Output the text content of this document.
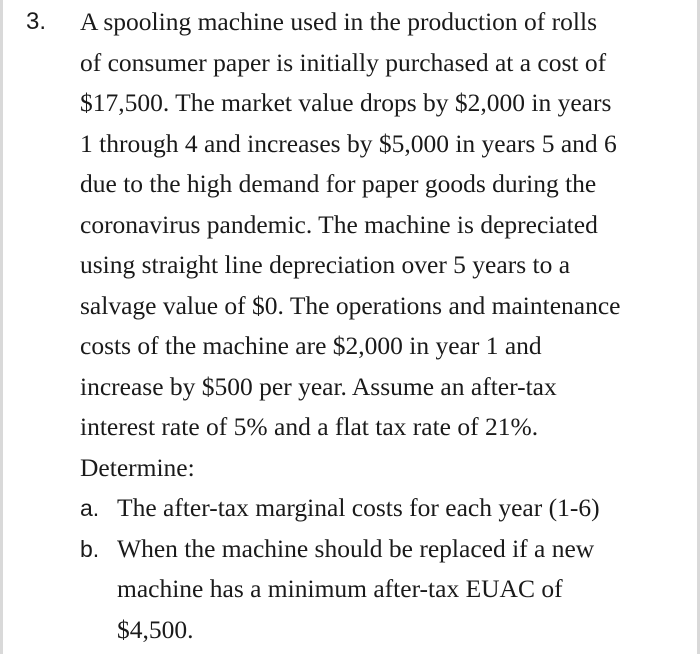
3. A spooling machine used in the production of rolls
of consumer paper is initially purchased at a cost of
$17,500. The market value drops by $2,000 in years
1 through 4 and increases by $5,000 in years 5 and 6
due to the high demand for paper goods during the
coronavirus pandemic. The machine is depreciated
using straight line depreciation over 5 years to a
salvage value of $0. The operations and maintenance
costs of the machine are $2,000 in year 1 and
increase by $500 per year. Assume an after-tax
interest rate of 5% and a flat tax rate of 21%.
Determine:

a. The after-tax marginal costs for each year (1-6)
b. When the machine should be replaced if a new
machine has a minimum after-tax EUAC of
$4,500.
